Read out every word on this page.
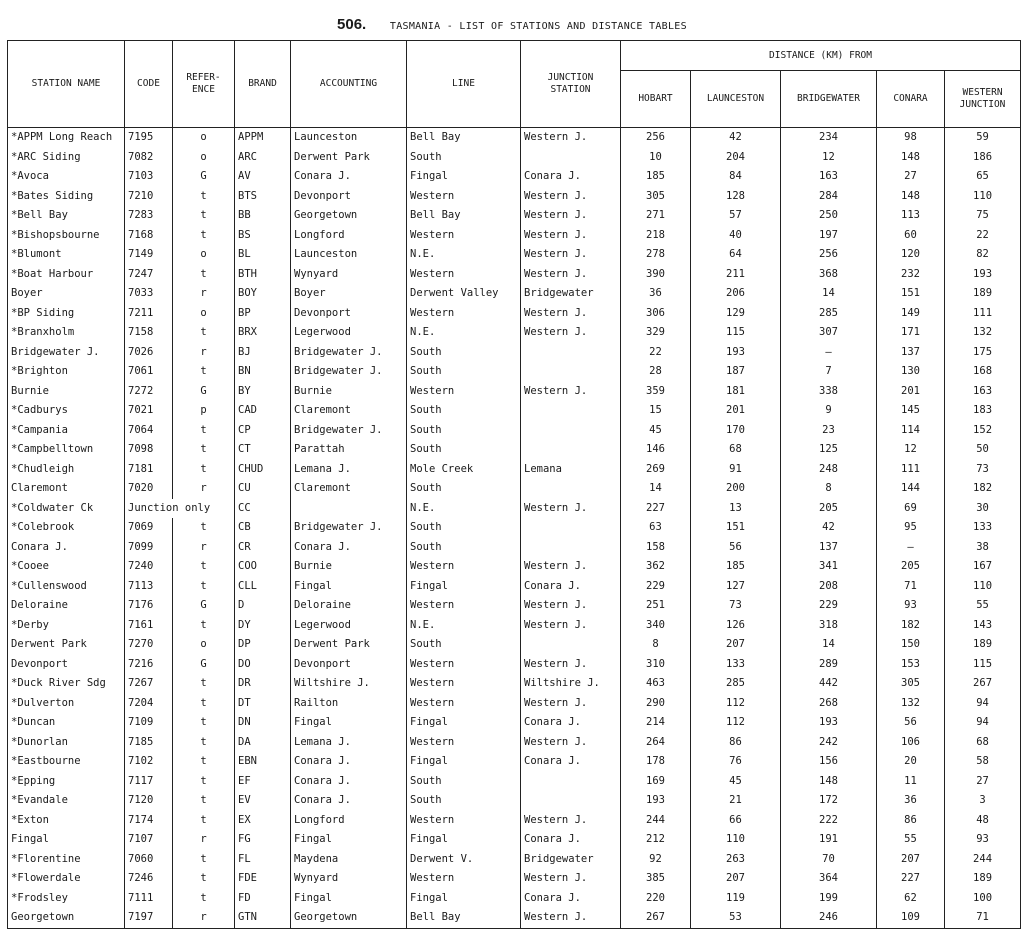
506. TASMANIA - LIST OF STATIONS AND DISTANCE TABLES
STATION NAME	CODE	REFER-
ENCE	BRAND	ACCOUNTING	LINE	JUNCTION
STATION	DISTANCE (KM) FROM				
							HOBART	LAUNCESTON	BRIDGEWATER	CONARA	WESTERN
JUNCTION
*APPM Long Reach	7195	o	APPM	Launceston	Bell Bay	Western J.	256	42	234	98	59
*ARC Siding	7082	o	ARC	Derwent Park	South		10	204	12	148	186
*Avoca	7103	G	AV	Conara J.	Fingal	Conara J.	185	84	163	27	65
*Bates Siding	7210	t	BTS	Devonport	Western	Western J.	305	128	284	148	110
*Bell Bay	7283	t	BB	Georgetown	Bell Bay	Western J.	271	57	250	113	75
*Bishopsbourne	7168	t	BS	Longford	Western	Western J.	218	40	197	60	22
*Blumont	7149	o	BL	Launceston	N.E.	Western J.	278	64	256	120	82
*Boat Harbour	7247	t	BTH	Wynyard	Western	Western J.	390	211	368	232	193
Boyer	7033	r	BOY	Boyer	Derwent Valley	Bridgewater	36	206	14	151	189
*BP Siding	7211	o	BP	Devonport	Western	Western J.	306	129	285	149	111
*Branxholm	7158	t	BRX	Legerwood	N.E.	Western J.	329	115	307	171	132
Bridgewater J.	7026	r	BJ	Bridgewater J.	South		22	193	–	137	175
*Brighton	7061	t	BN	Bridgewater J.	South		28	187	7	130	168
Burnie	7272	G	BY	Burnie	Western	Western J.	359	181	338	201	163
*Cadburys	7021	p	CAD	Claremont	South		15	201	9	145	183
*Campania	7064	t	CP	Bridgewater J.	South		45	170	23	114	152
*Campbelltown	7098	t	CT	Parattah	South		146	68	125	12	50
*Chudleigh	7181	t	CHUD	Lemana J.	Mole Creek	Lemana	269	91	248	111	73
Claremont	7020	r	CU	Claremont	South		14	200	8	144	182
*Coldwater Ck	Junction only		CC		N.E.	Western J.	227	13	205	69	30
*Colebrook	7069	t	CB	Bridgewater J.	South		63	151	42	95	133
Conara J.	7099	r	CR	Conara J.	South		158	56	137	–	38
*Cooee	7240	t	COO	Burnie	Western	Western J.	362	185	341	205	167
*Cullenswood	7113	t	CLL	Fingal	Fingal	Conara J.	229	127	208	71	110
Deloraine	7176	G	D	Deloraine	Western	Western J.	251	73	229	93	55
*Derby	7161	t	DY	Legerwood	N.E.	Western J.	340	126	318	182	143
Derwent Park	7270	o	DP	Derwent Park	South		8	207	14	150	189
Devonport	7216	G	DO	Devonport	Western	Western J.	310	133	289	153	115
*Duck River Sdg	7267	t	DR	Wiltshire J.	Western	Wiltshire J.	463	285	442	305	267
*Dulverton	7204	t	DT	Railton	Western	Western J.	290	112	268	132	94
*Duncan	7109	t	DN	Fingal	Fingal	Conara J.	214	112	193	56	94
*Dunorlan	7185	t	DA	Lemana J.	Western	Western J.	264	86	242	106	68
*Eastbourne	7102	t	EBN	Conara J.	Fingal	Conara J.	178	76	156	20	58
*Epping	7117	t	EF	Conara J.	South		169	45	148	11	27
*Evandale	7120	t	EV	Conara J.	South		193	21	172	36	3
*Exton	7174	t	EX	Longford	Western	Western J.	244	66	222	86	48
Fingal	7107	r	FG	Fingal	Fingal	Conara J.	212	110	191	55	93
*Florentine	7060	t	FL	Maydena	Derwent V.	Bridgewater	92	263	70	207	244
*Flowerdale	7246	t	FDE	Wynyard	Western	Western J.	385	207	364	227	189
*Frodsley	7111	t	FD	Fingal	Fingal	Conara J.	220	119	199	62	100
Georgetown	7197	r	GTN	Georgetown	Bell Bay	Western J.	267	53	246	109	71
